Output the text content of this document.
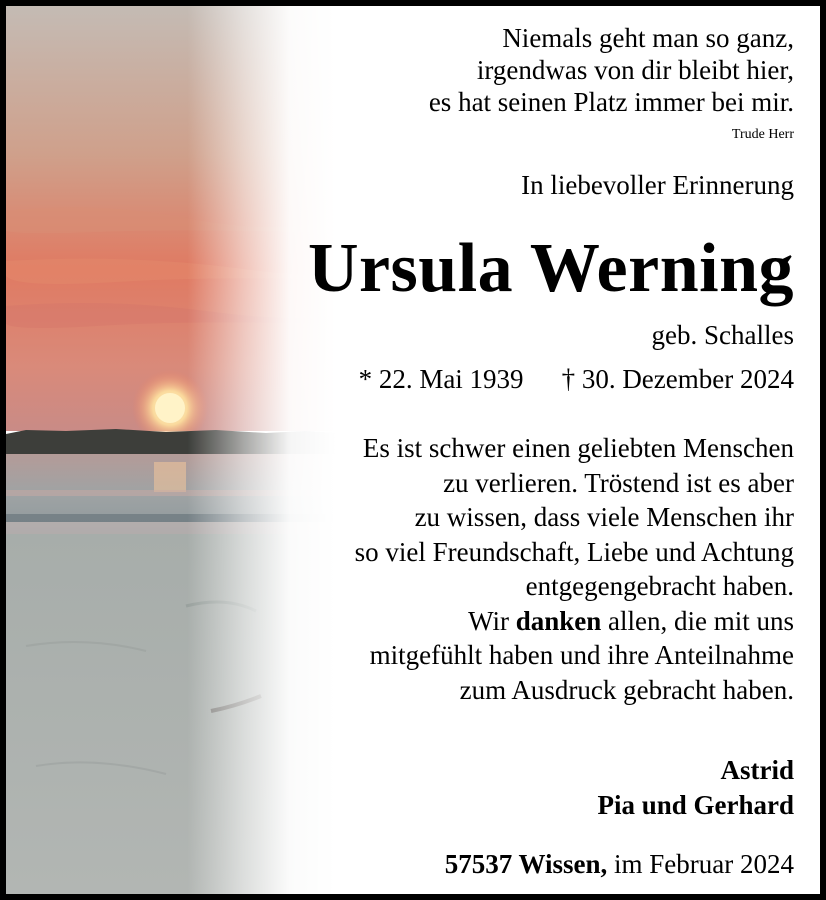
Niemals geht man so ganz,
irgendwas von dir bleibt hier,
es hat seinen Platz immer bei mir.
Trude Herr
In liebevoller Erinnerung
Ursula Werning
geb. Schalles
* 22. Mai 1939 † 30. Dezember 2024
Es ist schwer einen geliebten Menschen
zu verlieren. Tröstend ist es aber
zu wissen, dass viele Menschen ihr
so viel Freundschaft, Liebe und Achtung
entgegengebracht haben.
Wir danken allen, die mit uns
mitgefühlt haben und ihre Anteilnahme
zum Ausdruck gebracht haben.
Astrid
Pia und Gerhard
57537 Wissen, im Februar 2024
